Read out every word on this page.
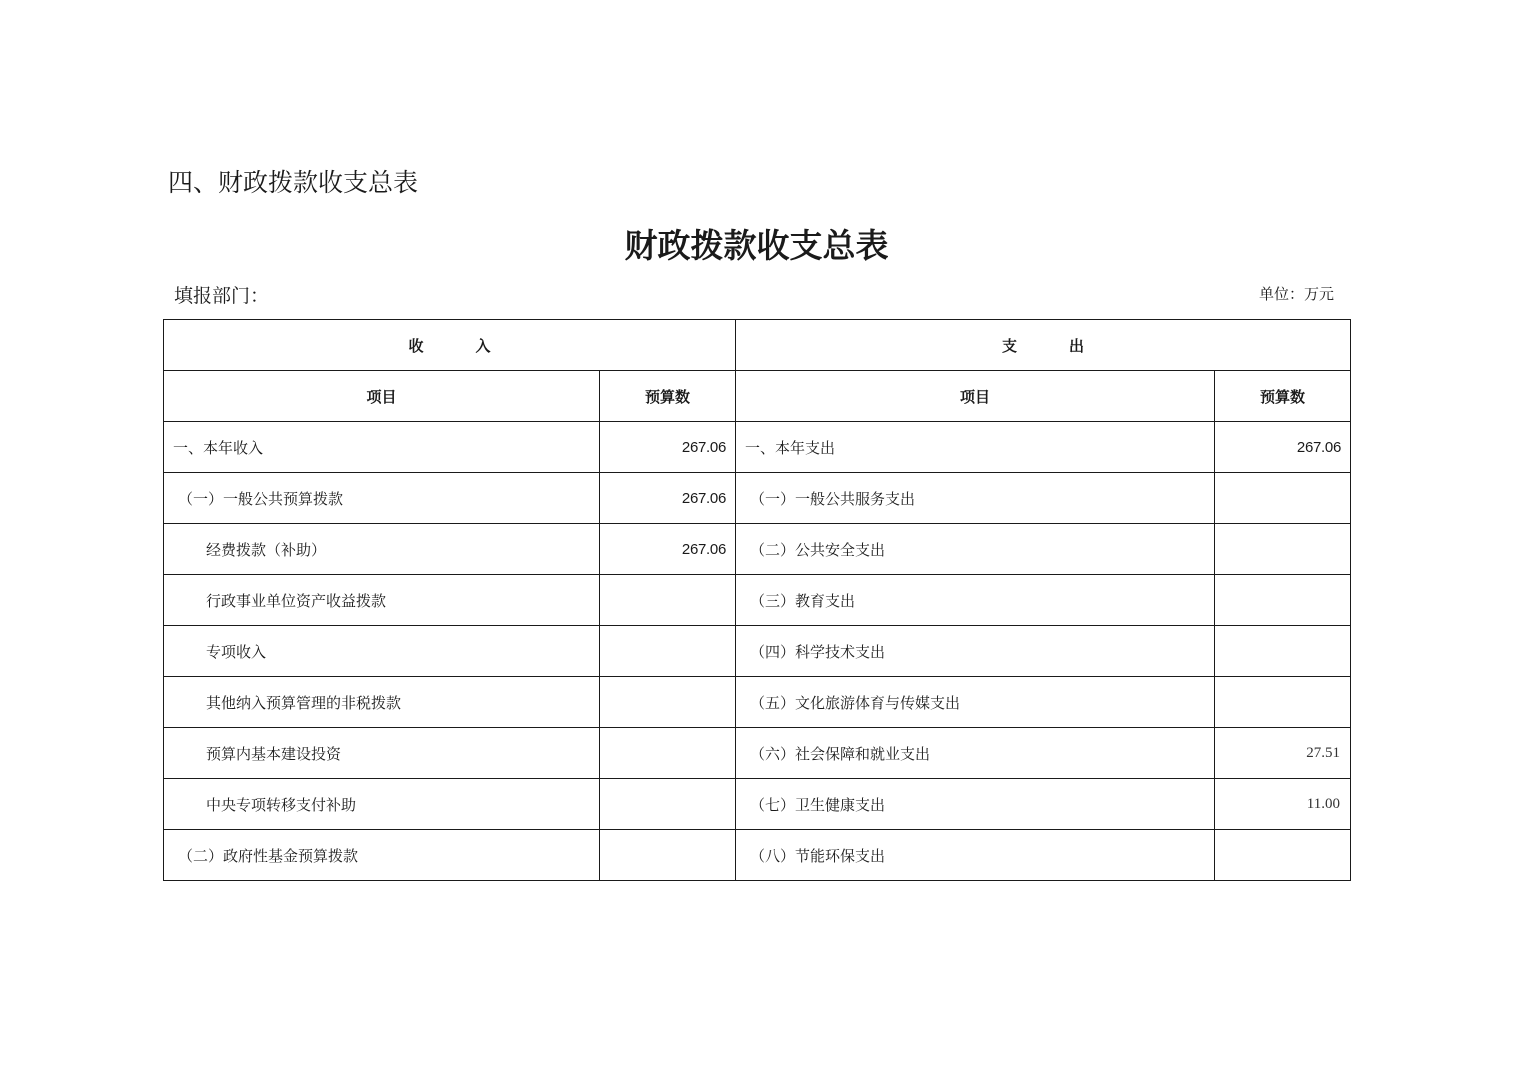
四、财政拨款收支总表
财政拨款收支总表
填报部门：	单位：万元
收 入		支 出	
项目	预算数	项目	预算数
一、本年收入	267.06	一、本年支出	267.06
（一）一般公共预算拨款	267.06	（一）一般公共服务支出	
经费拨款（补助）	267.06	（二）公共安全支出	
行政事业单位资产收益拨款		（三）教育支出	
专项收入		（四）科学技术支出	
其他纳入预算管理的非税拨款		（五）文化旅游体育与传媒支出	
预算内基本建设投资		（六）社会保障和就业支出	27.51
中央专项转移支付补助		（七）卫生健康支出	11.00
（二）政府性基金预算拨款		（八）节能环保支出	
